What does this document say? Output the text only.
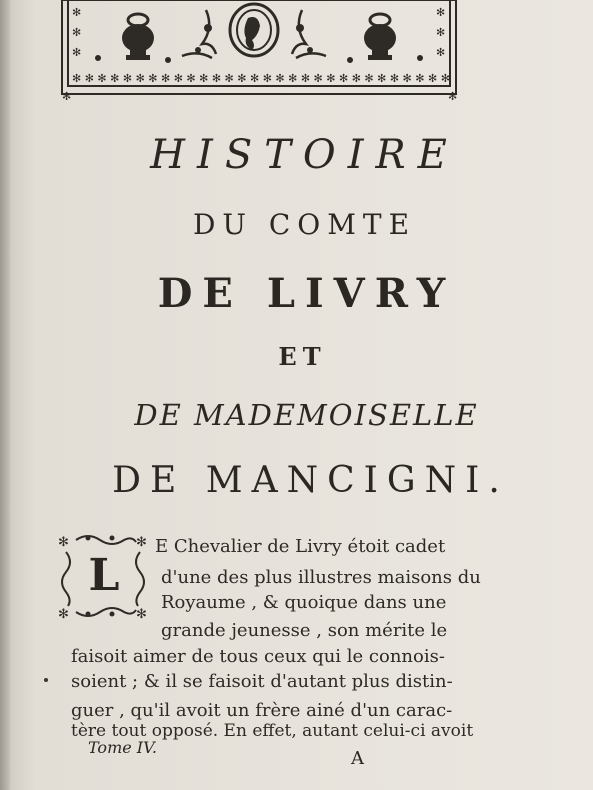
✻ ✻ ✻ ✻ ✻ ✻ ✻ ✻ ✻ ✻ ✻ ✻ ✻ ✻ ✻ ✻ ✻ ✻ ✻ ✻ ✻ ✻ ✻ ✻ ✻ ✻ ✻ ✻ ✻ ✻
✻
✻
✻
✻
✻
✻
✻	✻
HISTOIRE
DU COMTE
DE LIVRY
ET
DE MADEMOISELLE
DE MANCIGNI.
✻	✻
✻	✻
L
E Chevalier de Livry étoit cadet
d'une des plus illustres maisons du
Royaume , & quoique dans une
grande jeunesse , son mérite le
faisoit aimer de tous ceux qui le connois-
soient ; & il se faisoit d'autant plus distin-
guer , qu'il avoit un frère ainé d'un carac-
tère tout opposé. En effet, autant celui-ci avoit
Tome IV.
A
